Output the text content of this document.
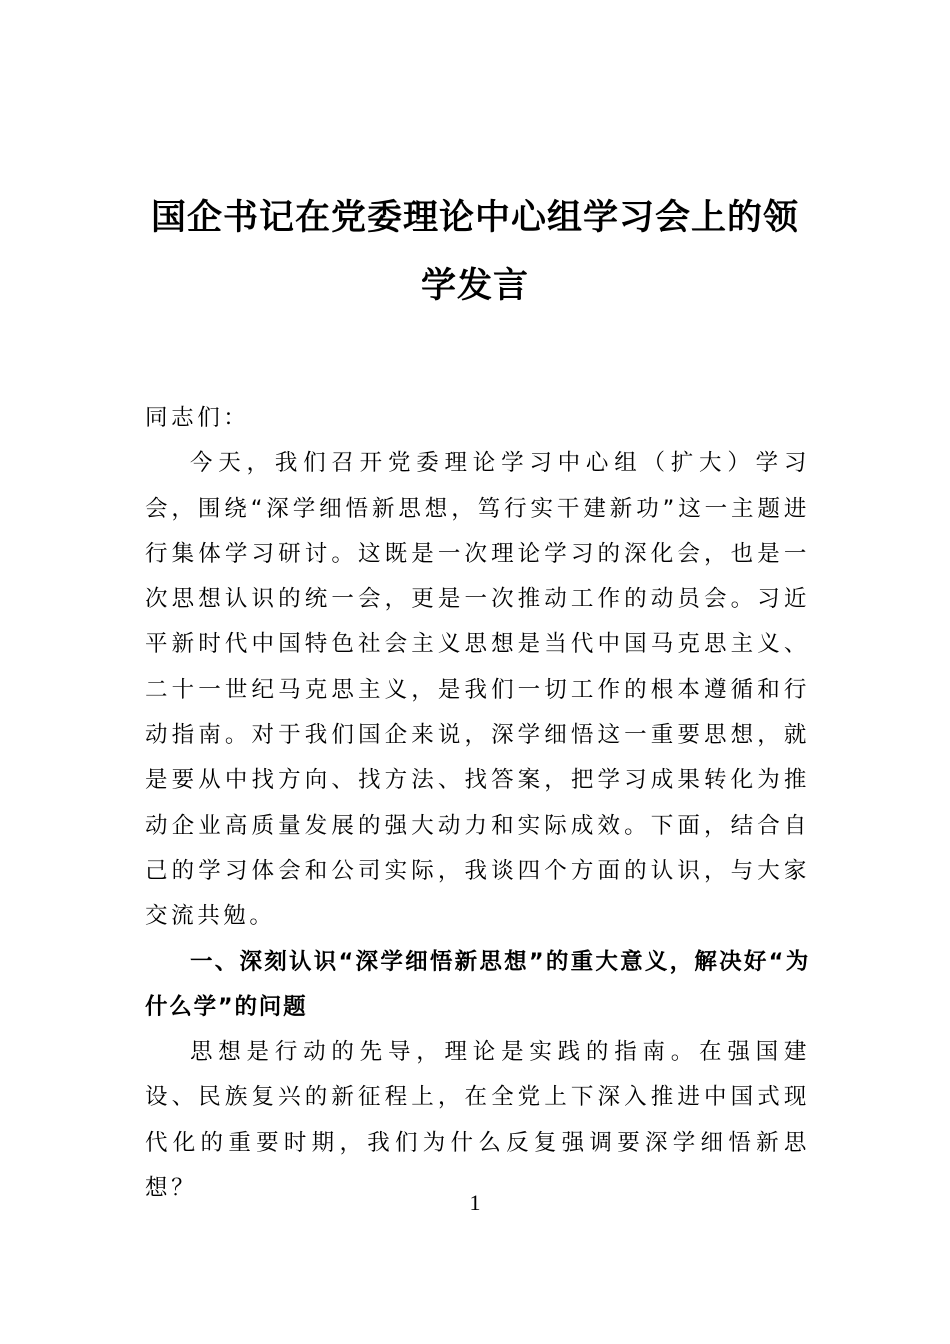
国企书记在党委理论中心组学习会上的领
学发言

同志们：

今天，我们召开党委理论学习中心组（扩大）学习会，围绕“深学细悟新思想，笃行实干建新功”这一主题进行集体学习研讨。这既是一次理论学习的深化会，也是一次思想认识的统一会，更是一次推动工作的动员会。习近平新时代中国特色社会主义思想是当代中国马克思主义、二十一世纪马克思主义，是我们一切工作的根本遵循和行动指南。对于我们国企来说，深学细悟这一重要思想，就是要从中找方向、找方法、找答案，把学习成果转化为推动企业高质量发展的强大动力和实际成效。下面，结合自己的学习体会和公司实际，我谈四个方面的认识，与大家交流共勉。

一、深刻认识“深学细悟新思想”的重大意义，解决好“为什么学”的问题

思想是行动的先导，理论是实践的指南。在强国建设、民族复兴的新征程上，在全党上下深入推进中国式现代化的重要时期，我们为什么反复强调要深学细悟新思想？

1
